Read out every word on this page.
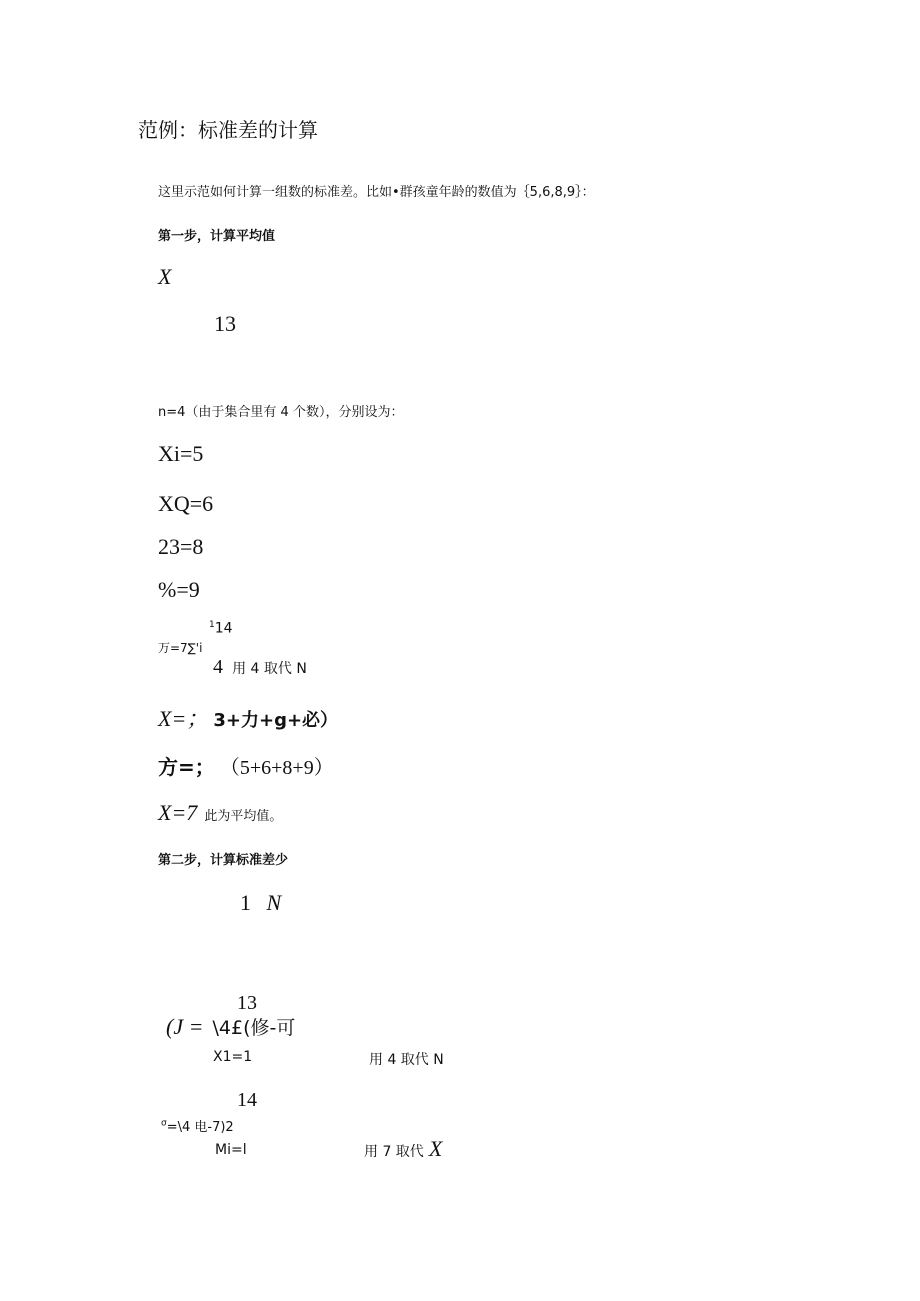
范例：标准差的计算
这里示范如何计算一组数的标准差。比如•群孩童年龄的数值为｛5,6,8,9｝：
第一步，计算平均值
X
13
n=4（由于集合里有 4 个数），分别设为：
Xi=5
XQ=6
23=8
%=9
$^1$14
万=7∑'i
4 用 4 取代 N
X=； 3+力+g+必）
方=； （5+6+8+9）
X=7 此为平均值。
第二步，计算标准差少
1 N
13
(J = \4£(修-可
X1=1	用 4 取代 N
14
$^\sigma$=\4 电-7)2
Mi=l	用 7 取代 X
